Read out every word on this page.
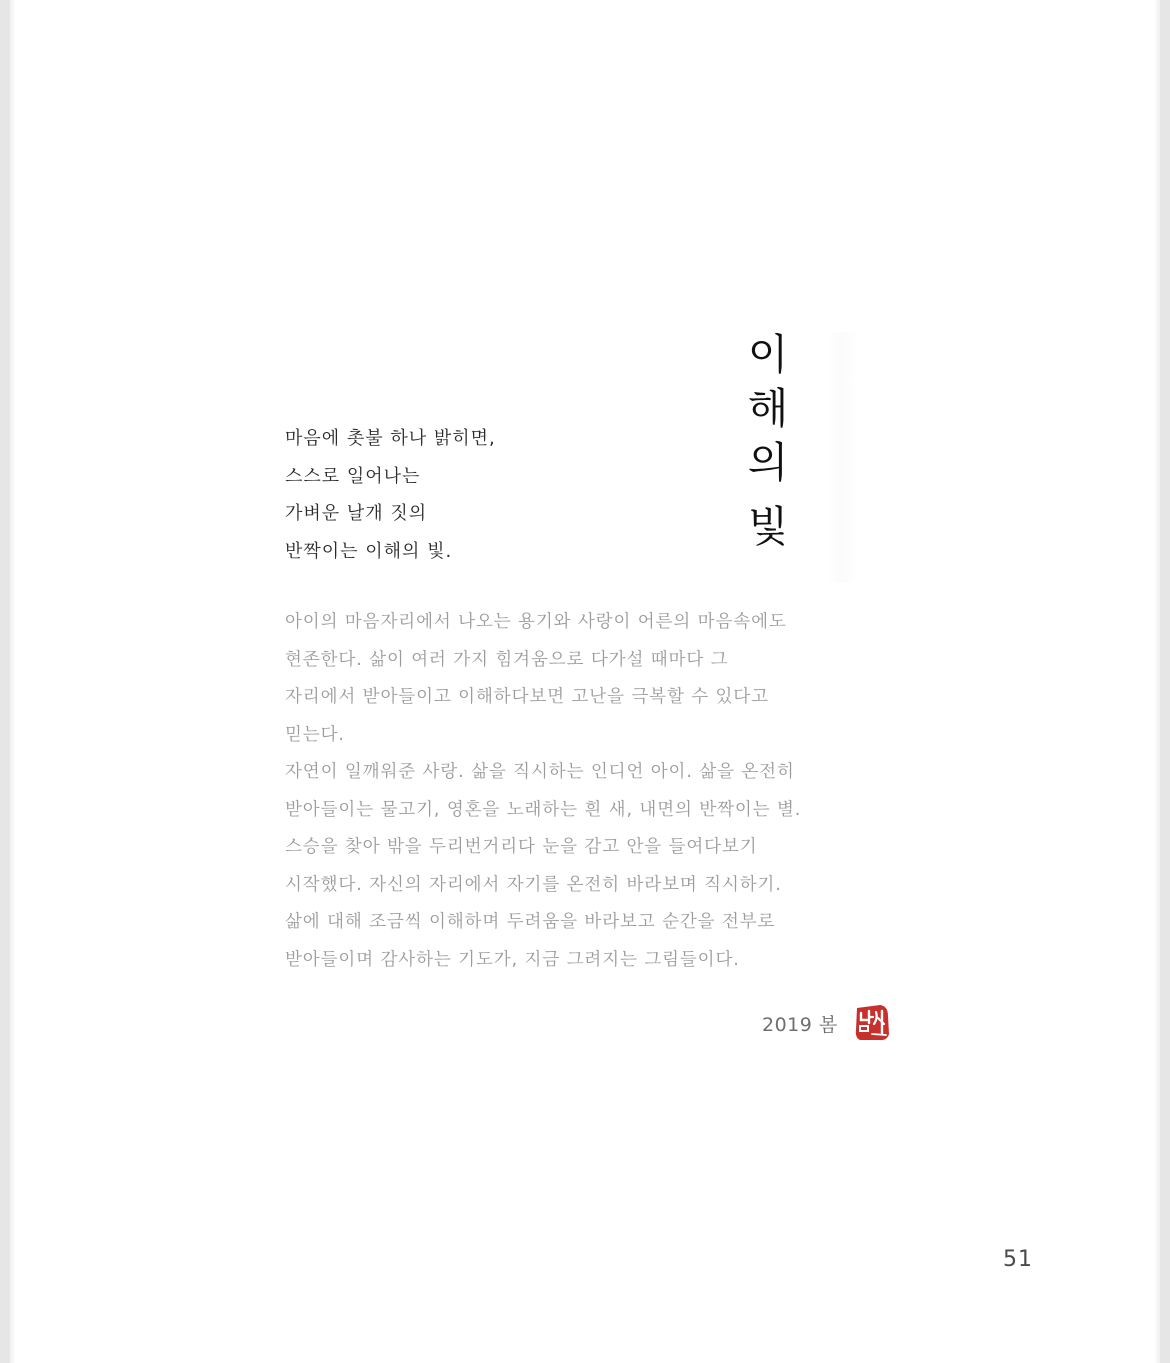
이
해
의
빛
마음에 촛불 하나 밝히면,
스스로 일어나는
가벼운 날개 짓의
반짝이는 이해의 빛.
아이의 마음자리에서 나오는 용기와 사랑이 어른의 마음속에도
현존한다. 삶이 여러 가지 힘겨움으로 다가설 때마다 그
자리에서 받아들이고 이해하다보면 고난을 극복할 수 있다고
믿는다.
자연이 일깨워준 사랑. 삶을 직시하는 인디언 아이. 삶을 온전히
받아들이는 물고기, 영혼을 노래하는 흰 새, 내면의 반짝이는 별.
스승을 찾아 밖을 두리번거리다 눈을 감고 안을 들여다보기
시작했다. 자신의 자리에서 자기를 온전히 바라보며 직시하기.
삶에 대해 조금씩 이해하며 두려움을 바라보고 순간을 전부로
받아들이며 감사하는 기도가, 지금 그려지는 그림들이다.
2019 봄
51
